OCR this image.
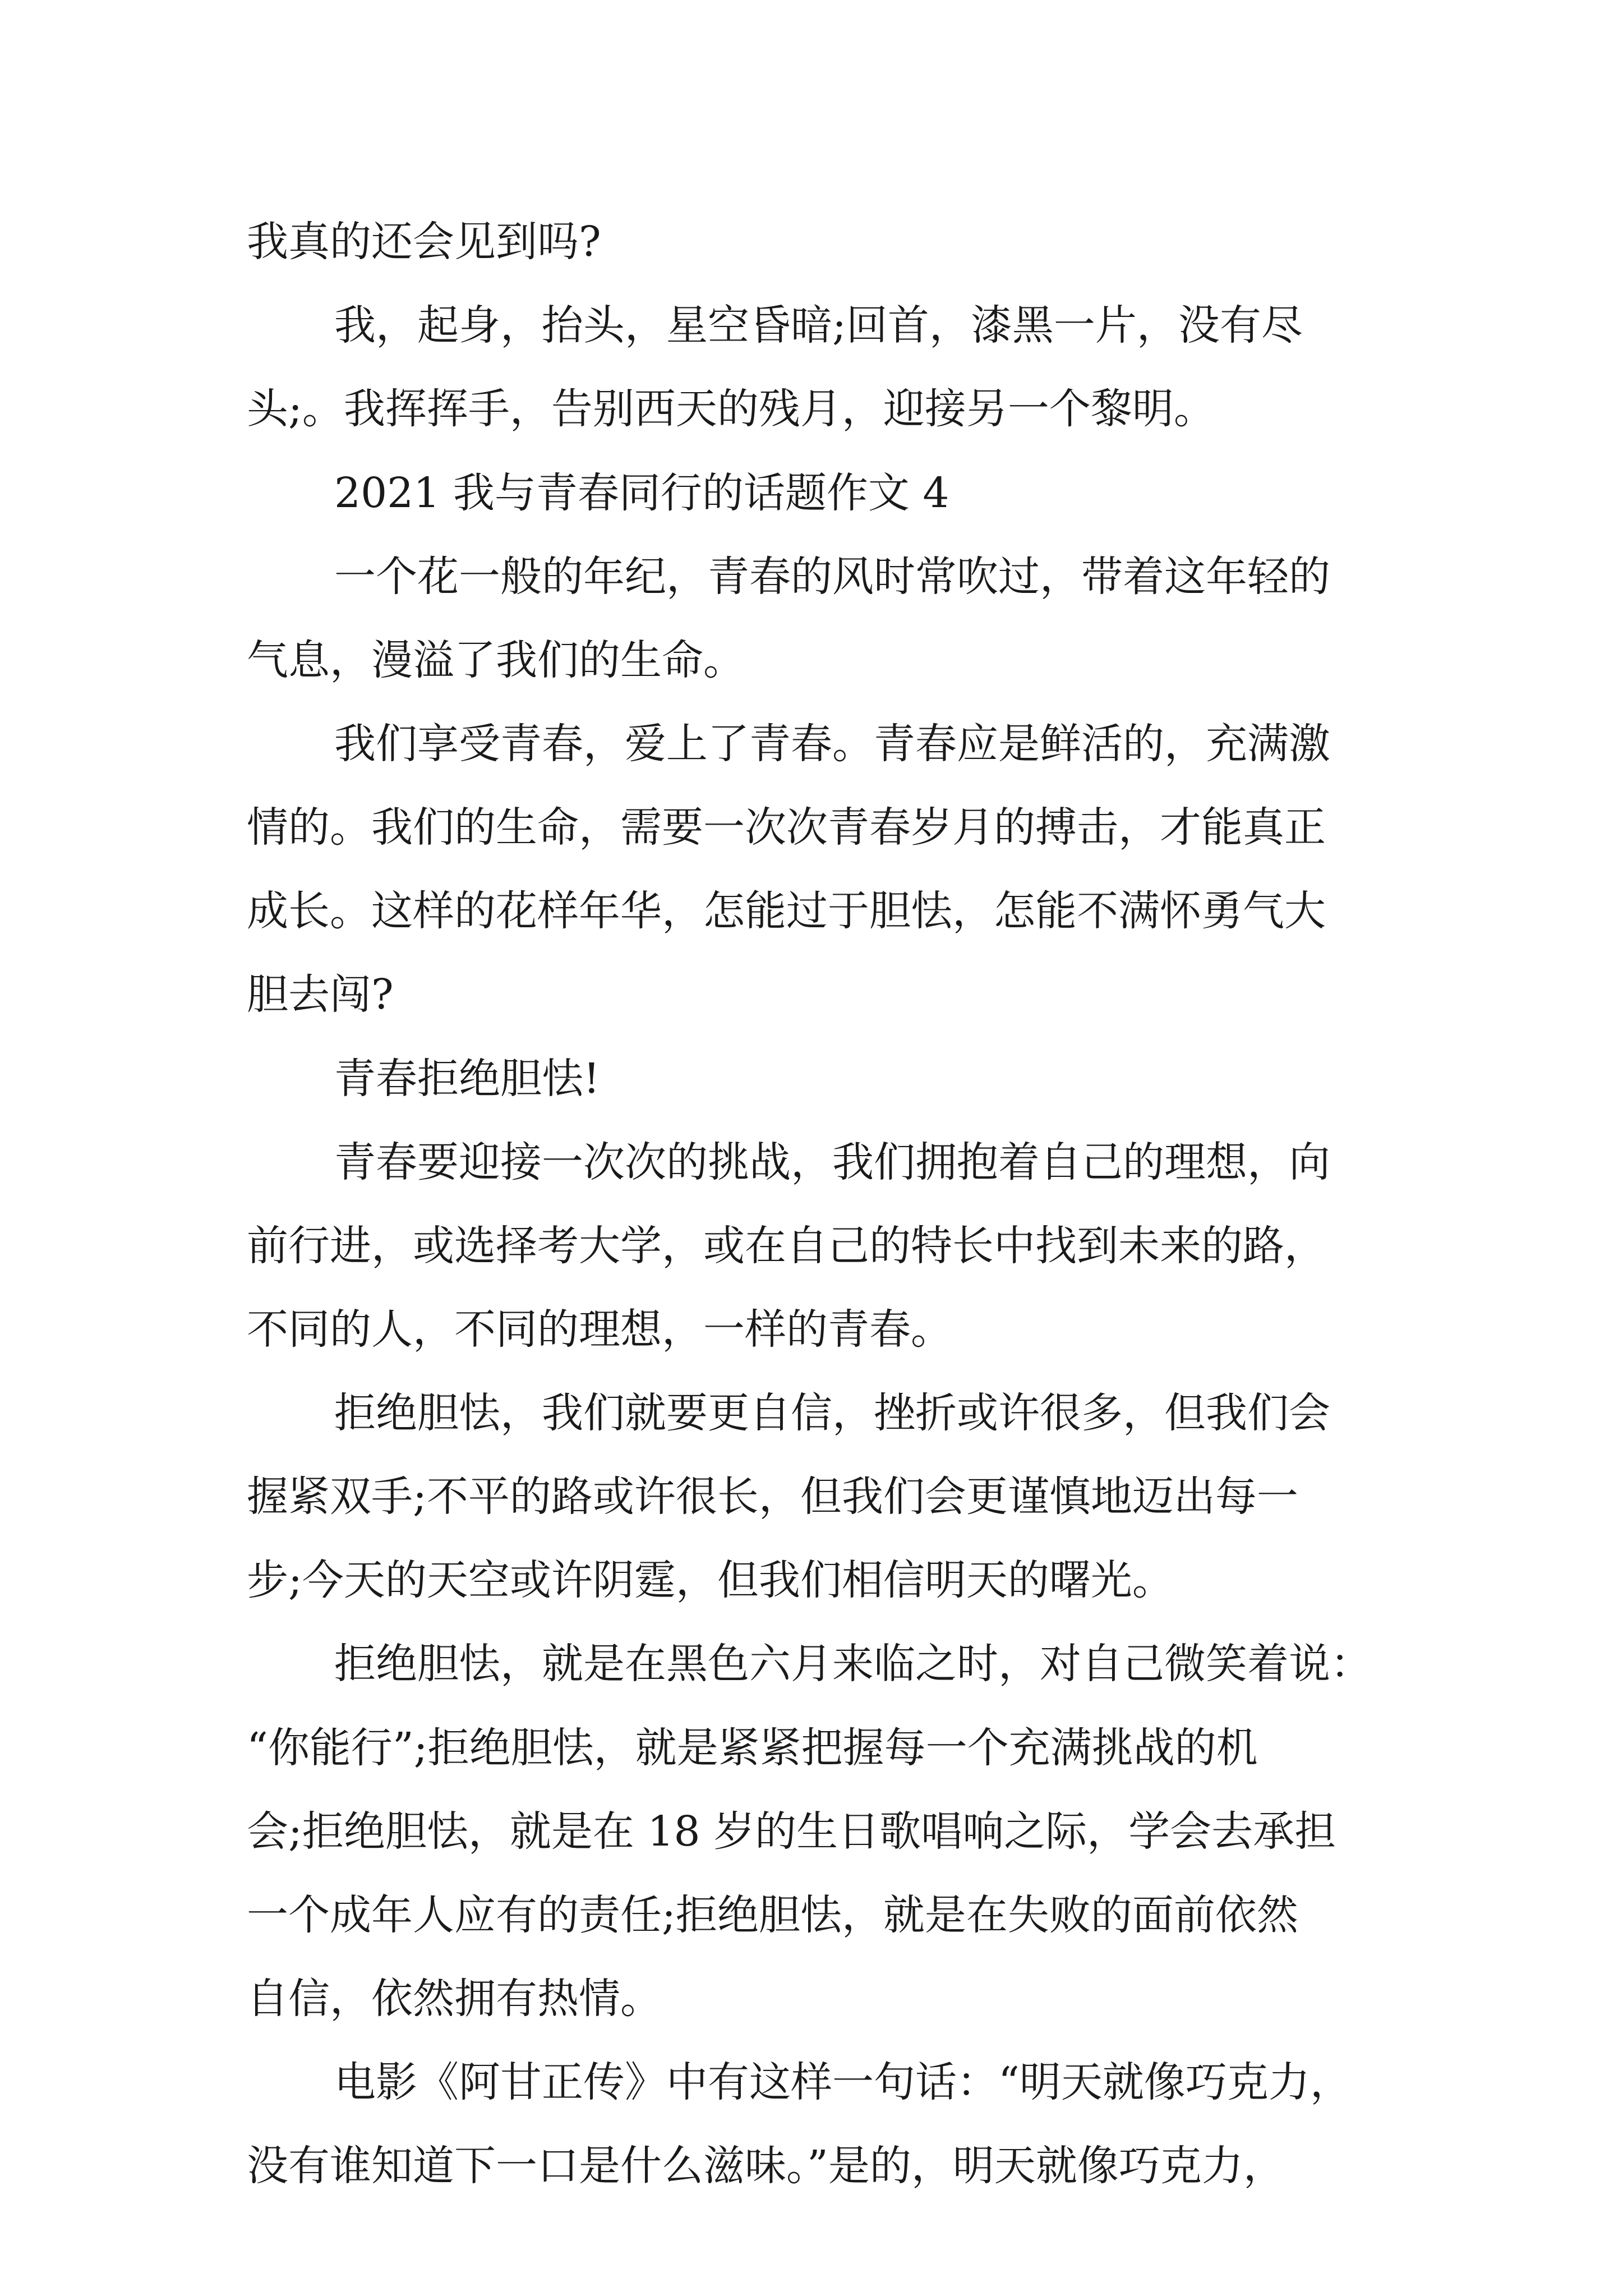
我真的还会见到吗?
我，起身，抬头，星空昏暗;回首，漆黑一片，没有尽
头;。我挥挥手，告别西天的残月，迎接另一个黎明。
2021 我与青春同行的话题作文 4
一个花一般的年纪，青春的风时常吹过，带着这年轻的
气息，漫溢了我们的生命。
我们享受青春，爱上了青春。青春应是鲜活的，充满激
情的。我们的生命，需要一次次青春岁月的搏击，才能真正
成长。这样的花样年华，怎能过于胆怯，怎能不满怀勇气大
胆去闯?
青春拒绝胆怯!
青春要迎接一次次的挑战，我们拥抱着自己的理想，向
前行进，或选择考大学，或在自己的特长中找到未来的路，
不同的人，不同的理想，一样的青春。
拒绝胆怯，我们就要更自信，挫折或许很多，但我们会
握紧双手;不平的路或许很长，但我们会更谨慎地迈出每一
步;今天的天空或许阴霆，但我们相信明天的曙光。
拒绝胆怯，就是在黑色六月来临之时，对自己微笑着说：
“你能行”;拒绝胆怯，就是紧紧把握每一个充满挑战的机
会;拒绝胆怯，就是在 18 岁的生日歌唱响之际，学会去承担
一个成年人应有的责任;拒绝胆怯，就是在失败的面前依然
自信，依然拥有热情。
电影《阿甘正传》中有这样一句话：“明天就像巧克力，
没有谁知道下一口是什么滋味。”是的，明天就像巧克力，
